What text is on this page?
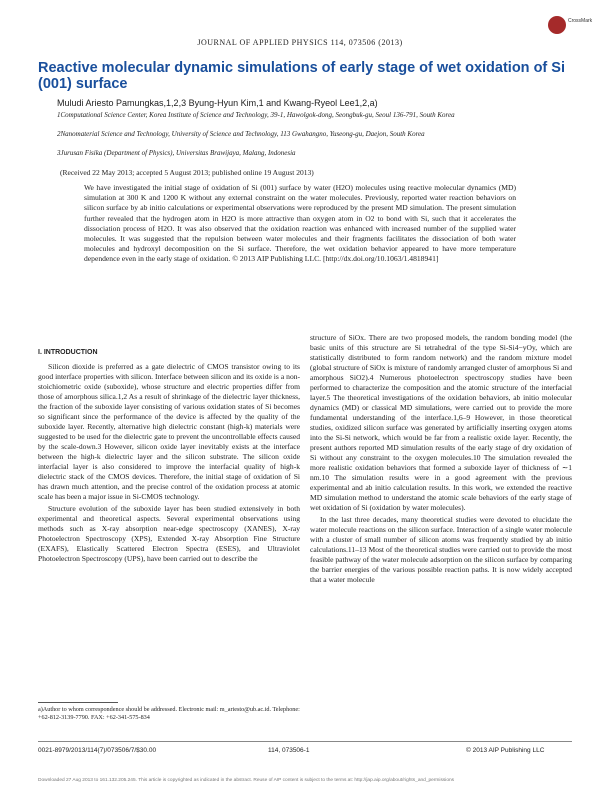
CrossMark
JOURNAL OF APPLIED PHYSICS 114, 073506 (2013)
Reactive molecular dynamic simulations of early stage of wet oxidation of Si (001) surface
Muludi Ariesto Pamungkas,1,2,3 Byung-Hyun Kim,1 and Kwang-Ryeol Lee1,2,a)
1Computational Science Center, Korea Institute of Science and Technology, 39-1, Hawolgok-dong, Seongbuk-gu, Seoul 136-791, South Korea
2Nanomaterial Science and Technology, University of Science and Technology, 113 Gwahangno, Yuseong-gu, Daejon, South Korea
3Jurusan Fisika (Department of Physics), Universitas Brawijaya, Malang, Indonesia
(Received 22 May 2013; accepted 5 August 2013; published online 19 August 2013)
We have investigated the initial stage of oxidation of Si (001) surface by water (H2O) molecules using reactive molecular dynamics (MD) simulation at 300 K and 1200 K without any external constraint on the water molecules. Previously, reported water reaction behaviors on silicon surface by ab initio calculations or experimental observations were reproduced by the present MD simulation. The present simulation further revealed that the hydrogen atom in H2O is more attractive than oxygen atom in O2 to bond with Si, such that it accelerates the dissociation process of H2O. It was also observed that the oxidation reaction was enhanced with increased number of the supplied water molecules. It was suggested that the repulsion between water molecules and their fragments facilitates the dissociation of both water molecules and hydroxyl decomposition on the Si surface. Therefore, the wet oxidation behavior appeared to have more temperature dependence even in the early stage of oxidation. © 2013 AIP Publishing LLC. [http://dx.doi.org/10.1063/1.4818941]
I. INTRODUCTION

Silicon dioxide is preferred as a gate dielectric of CMOS transistor owing to its good interface properties with silicon. Interface between silicon and its oxide is a non-stoichiometric oxide (suboxide), whose structure and electric properties differ from those of amorphous silica.1,2 As a result of shrinkage of the dielectric layer thickness, the fraction of the suboxide layer consisting of various oxidation states of Si becomes so significant since the performance of the device is affected by the quality of the suboxide layer. Recently, alternative high dielectric constant (high-k) materials were suggested to be used for the dielectric gate to prevent the uncontrollable effects caused by the scale-down.3 However, silicon oxide layer inevitably exists at the interface between the high-k dielectric layer and the silicon substrate. The silicon oxide interfacial layer is also considered to improve the interfacial quality of high-k dielectric stack of the CMOS devices. Therefore, the initial stage of oxidation of Si has drawn much attention, and the precise control of the oxidation process at atomic scale has been a major issue in Si-CMOS technology.

Structure evolution of the suboxide layer has been studied extensively in both experimental and theoretical aspects. Several experimental observations using methods such as X-ray absorption near-edge spectroscopy (XANES), X-ray Photoelectron Spectroscopy (XPS), Extended X-ray Absorption Fine Structure (EXAFS), Elastically Scattered Electron Spectra (ESES), and Ultraviolet Photoelectron Spectroscopy (UPS), have been carried out to describe the

structure of SiOx. There are two proposed models, the random bonding model (the basic units of this structure are Si tetrahedral of the type Si-Si4−yOy, which are statistically distributed to form random network) and the random mixture model (global structure of SiOx is mixture of randomly arranged cluster of amorphous Si and amorphous SiO2).4 Numerous photoelectron spectroscopy studies have been performed to characterize the composition and the atomic structure of the interfacial layer.5 The theoretical investigations of the oxidation behaviors, ab initio molecular dynamics (MD) or classical MD simulations, were carried out to provide the more fundamental understanding of the interface.1,6–9 However, in those theoretical studies, oxidized silicon surface was generated by artificially inserting oxygen atoms into the Si-Si network, which would be far from a realistic oxide layer. Recently, the present authors reported MD simulation results of the early stage of dry oxidation of Si without any constraint to the oxygen molecules.10 The simulation revealed the more realistic oxidation behaviors that formed a suboxide layer of thickness of ∼1 nm.10 The simulation results were in a good agreement with the previous experimental and ab initio calculation results. In this work, we extended the reactive MD simulation method to understand the atomic scale behaviors of the early stage of wet oxidation of Si (oxidation by water molecules).

In the last three decades, many theoretical studies were devoted to elucidate the water molecule reactions on the silicon surface. Interaction of a single water molecule with a cluster of small number of silicon atoms was frequently studied by ab initio calculations.11–13 Most of the theoretical studies were carried out to provide the most feasible pathway of the water molecule adsorption on the silicon surface by comparing the barrier energies of the various possible reaction paths. It is now widely accepted that a water molecule

a)Author to whom correspondence should be addressed. Electronic mail: m_ariesto@ub.ac.id. Telephone: +62-812-3139-7790. FAX: +62-341-575-834
0021-8979/2013/114(7)/073506/7/$30.00	114, 073506-1	© 2013 AIP Publishing LLC
Downloaded 27 Aug 2013 to 161.132.205.245. This article is copyrighted as indicated in the abstract. Reuse of AIP content is subject to the terms at: http://jap.aip.org/about/rights_and_permissions
